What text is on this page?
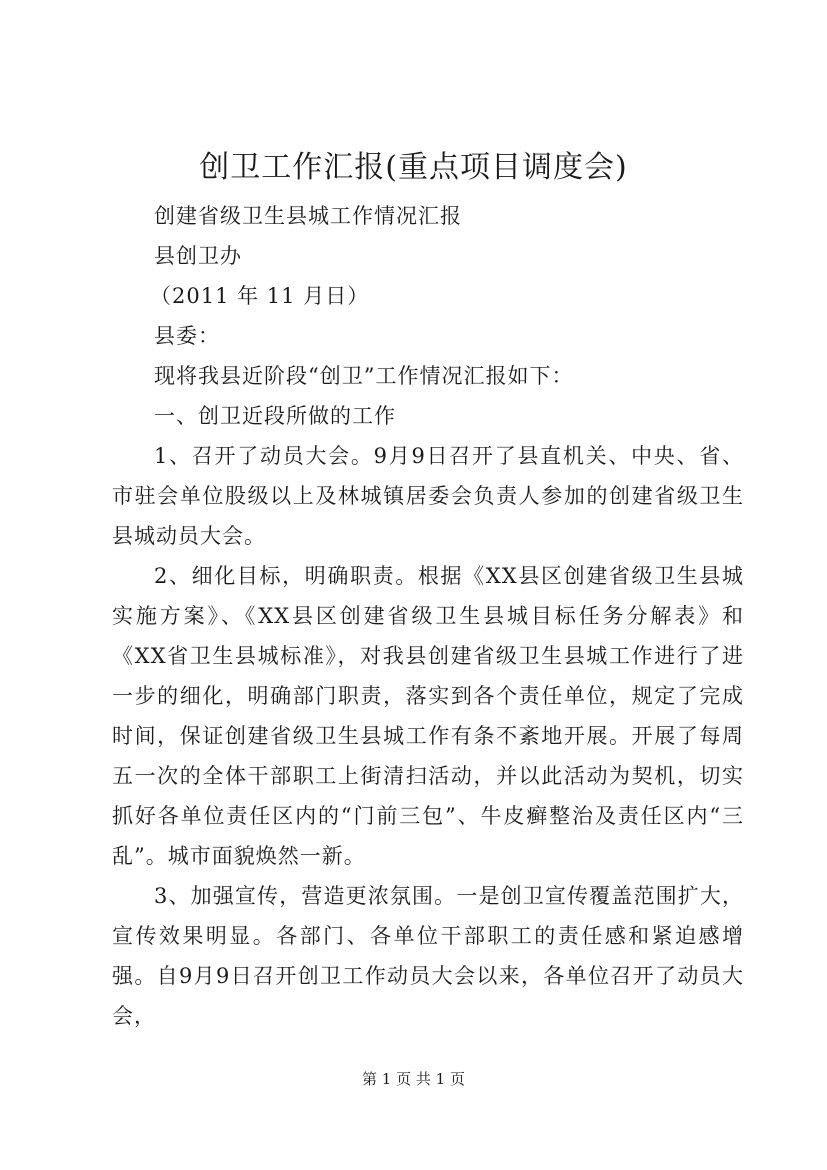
创卫工作汇报(重点项目调度会)
创建省级卫生县城工作情况汇报
县创卫办
（2011 年 11 月日）
县委：
现将我县近阶段“创卫”工作情况汇报如下：
一、创卫近段所做的工作

1、召开了动员大会。9月9日召开了县直机关、中央、省、市驻会单位股级以上及林城镇居委会负责人参加的创建省级卫生县城动员大会。

2、细化目标，明确职责。根据《XX县区创建省级卫生县城实施方案》、《XX县区创建省级卫生县城目标任务分解表》和《XX省卫生县城标准》，对我县创建省级卫生县城工作进行了进一步的细化，明确部门职责，落实到各个责任单位，规定了完成时间，保证创建省级卫生县城工作有条不紊地开展。开展了每周五一次的全体干部职工上街清扫活动，并以此活动为契机，切实抓好各单位责任区内的“门前三包”、牛皮癣整治及责任区内“三乱”。城市面貌焕然一新。

3、加强宣传，营造更浓氛围。一是创卫宣传覆盖范围扩大，宣传效果明显。各部门、各单位干部职工的责任感和紧迫感增强。自9月9日召开创卫工作动员大会以来，各单位召开了动员大会，

第 1 页 共 1 页
